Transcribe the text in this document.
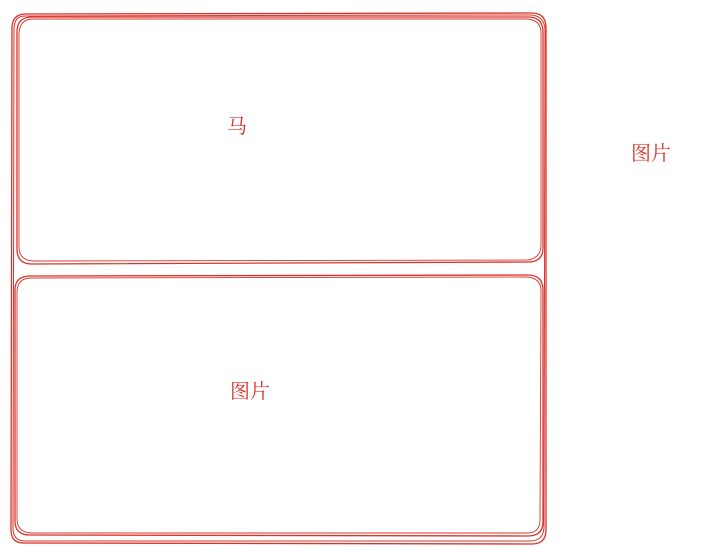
马
图片
图片
